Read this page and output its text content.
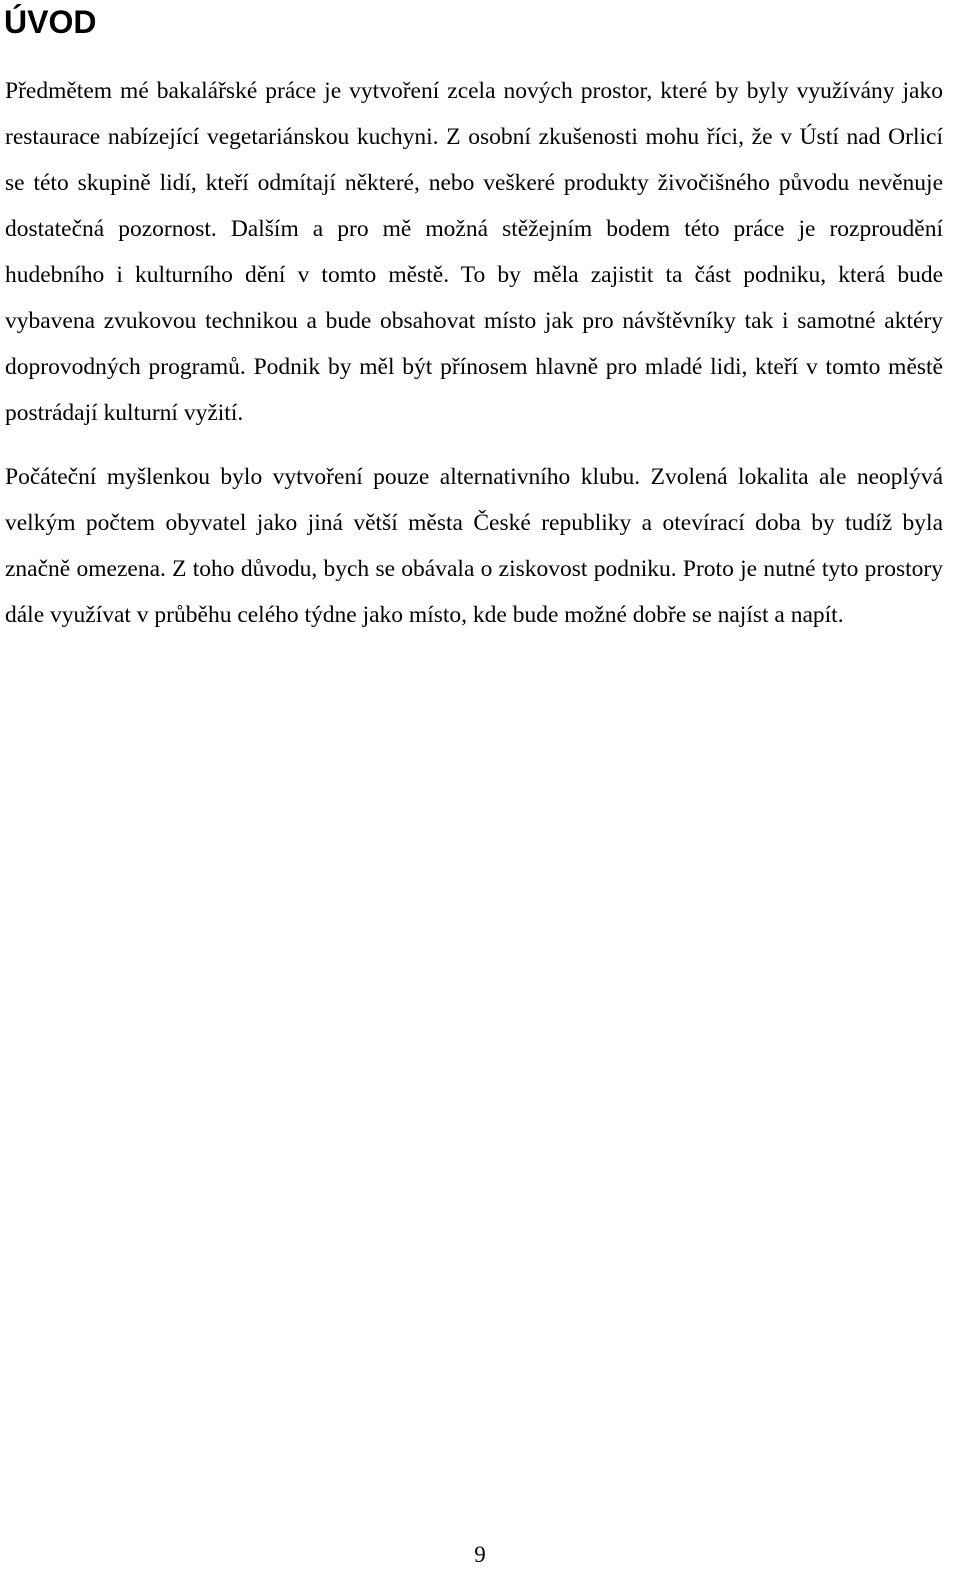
ÚVOD

Předmětem mé bakalářské práce je vytvoření zcela nových prostor, které by byly využívány jako restaurace nabízející vegetariánskou kuchyni. Z osobní zkušenosti mohu říci, že v Ústí nad Orlicí se této skupině lidí, kteří odmítají některé, nebo veškeré produkty živočišného původu nevěnuje dostatečná pozornost. Dalším a pro mě možná stěžejním bodem této práce je rozproudění hudebního i kulturního dění v tomto městě. To by měla zajistit ta část podniku, která bude vybavena zvukovou technikou a bude obsahovat místo jak pro návštěvníky tak i samotné aktéry doprovodných programů. Podnik by měl být přínosem hlavně pro mladé lidi, kteří v tomto městě postrádají kulturní vyžití.

Počáteční myšlenkou bylo vytvoření pouze alternativního klubu. Zvolená lokalita ale neoplývá velkým počtem obyvatel jako jiná větší města České republiky a otevírací doba by tudíž byla značně omezena. Z toho důvodu, bych se obávala o ziskovost podniku. Proto je nutné tyto prostory dále využívat v průběhu celého týdne jako místo, kde bude možné dobře se najíst a napít.

9
